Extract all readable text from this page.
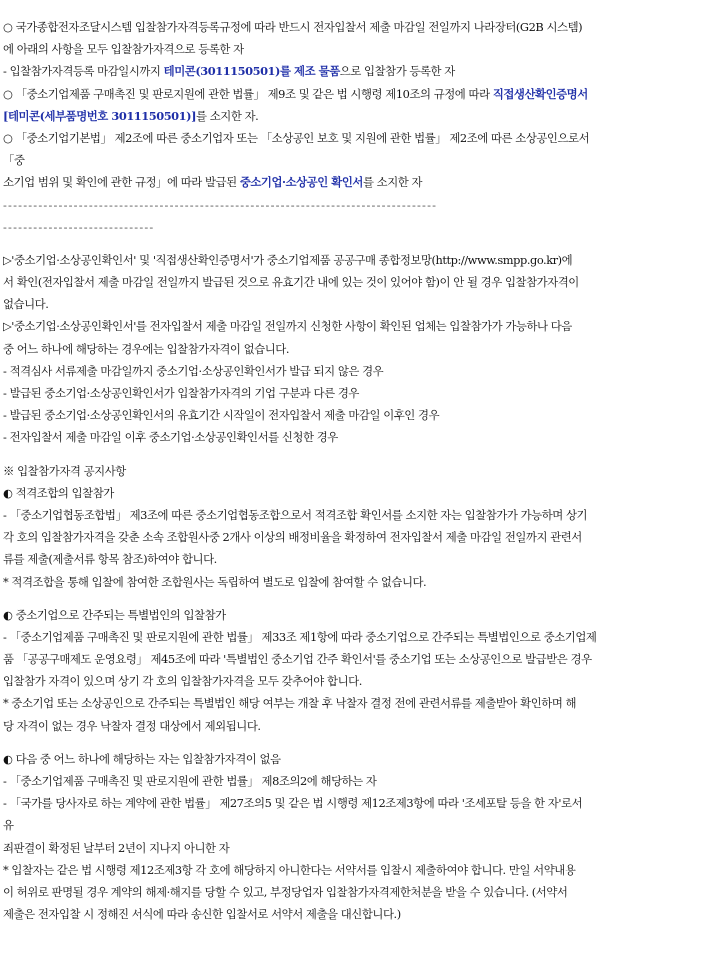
○ 국가종합전자조달시스템 입찰참가자격등록규정에 따라 반드시 전자입찰서 제출 마감일 전일까지 나라장터(G2B 시스템)
에 아래의 사항을 모두 입찰참가자격으로 등록한 자
- 입찰참가자격등록 마감일시까지 테미콘(3011150501)를 제조 물품으로 입찰참가 등록한 자
○ 「중소기업제품 구매촉진 및 판로지원에 관한 법률」 제9조 및 같은 법 시행령 제10조의 규정에 따라 직접생산확인증명서
[테미콘(세부품명번호 3011150501)]를 소지한 자.
○ 「중소기업기본법」 제2조에 따른 중소기업자 또는 「소상공인 보호 및 지원에 관한 법률」 제2조에 따른 소상공인으로서
「중
소기업 범위 및 확인에 관한 규정」에 따라 발급된 중소기업·소상공인 확인서를 소지한 자
--------------------------------------------------------------------------------------
------------------------------
▷'중소기업·소상공인확인서' 및 '직접생산확인증명서'가 중소기업제품 공공구매 종합정보망(http://www.smpp.go.kr)에
서 확인(전자입찰서 제출 마감일 전일까지 발급된 것으로 유효기간 내에 있는 것이 있어야 함)이 안 될 경우 입찰참가자격이
없습니다.
▷'중소기업·소상공인확인서'를 전자입찰서 제출 마감일 전일까지 신청한 사항이 확인된 업체는 입찰참가가 가능하나 다음
중 어느 하나에 해당하는 경우에는 입찰참가자격이 없습니다.
- 적격심사 서류제출 마감일까지 중소기업·소상공인확인서가 발급 되지 않은 경우
- 발급된 중소기업·소상공인확인서가 입찰참가자격의 기업 구분과 다른 경우
- 발급된 중소기업·소상공인확인서의 유효기간 시작일이 전자입찰서 제출 마감일 이후인 경우
- 전자입찰서 제출 마감일 이후 중소기업·소상공인확인서를 신청한 경우
※ 입찰참가자격 공지사항
◐ 적격조합의 입찰참가
- 「중소기업협동조합법」 제3조에 따른 중소기업협동조합으로서 적격조합 확인서를 소지한 자는 입찰참가가 가능하며 상기
각 호의 입찰참가자격을 갖춘 소속 조합원사중 2개사 이상의 배정비율을 확정하여 전자입찰서 제출 마감일 전일까지 관련서
류를 제출(제출서류 항목 참조)하여야 합니다.
* 적격조합을 통해 입찰에 참여한 조합원사는 독립하여 별도로 입찰에 참여할 수 없습니다.
◐ 중소기업으로 간주되는 특별법인의 입찰참가
- 「중소기업제품 구매촉진 및 판로지원에 관한 법률」 제33조 제1항에 따라 중소기업으로 간주되는 특별법인으로 중소기업제
품 「공공구매제도 운영요령」 제45조에 따라 '특별법인 중소기업 간주 확인서'를 중소기업 또는 소상공인으로 발급받은 경우
입찰참가 자격이 있으며 상기 각 호의 입찰참가자격을 모두 갖추어야 합니다.
* 중소기업 또는 소상공인으로 간주되는 특별법인 해당 여부는 개찰 후 낙찰자 결정 전에 관련서류를 제출받아 확인하며 해
당 자격이 없는 경우 낙찰자 결정 대상에서 제외됩니다.
◐ 다음 중 어느 하나에 해당하는 자는 입찰참가자격이 없음
- 「중소기업제품 구매촉진 및 판로지원에 관한 법률」 제8조의2에 해당하는 자
- 「국가를 당사자로 하는 계약에 관한 법률」 제27조의5 및 같은 법 시행령 제12조제3항에 따라 '조세포탈 등을 한 자'로서
유
죄판결이 확정된 날부터 2년이 지나지 아니한 자
* 입찰자는 같은 법 시행령 제12조제3항 각 호에 해당하지 아니한다는 서약서를 입찰시 제출하여야 합니다. 만일 서약내용
이 허위로 판명될 경우 계약의 해제·해지를 당할 수 있고, 부정당업자 입찰참가자격제한처분을 받을 수 있습니다. (서약서
제출은 전자입찰 시 정해진 서식에 따라 송신한 입찰서로 서약서 제출을 대신합니다.)
